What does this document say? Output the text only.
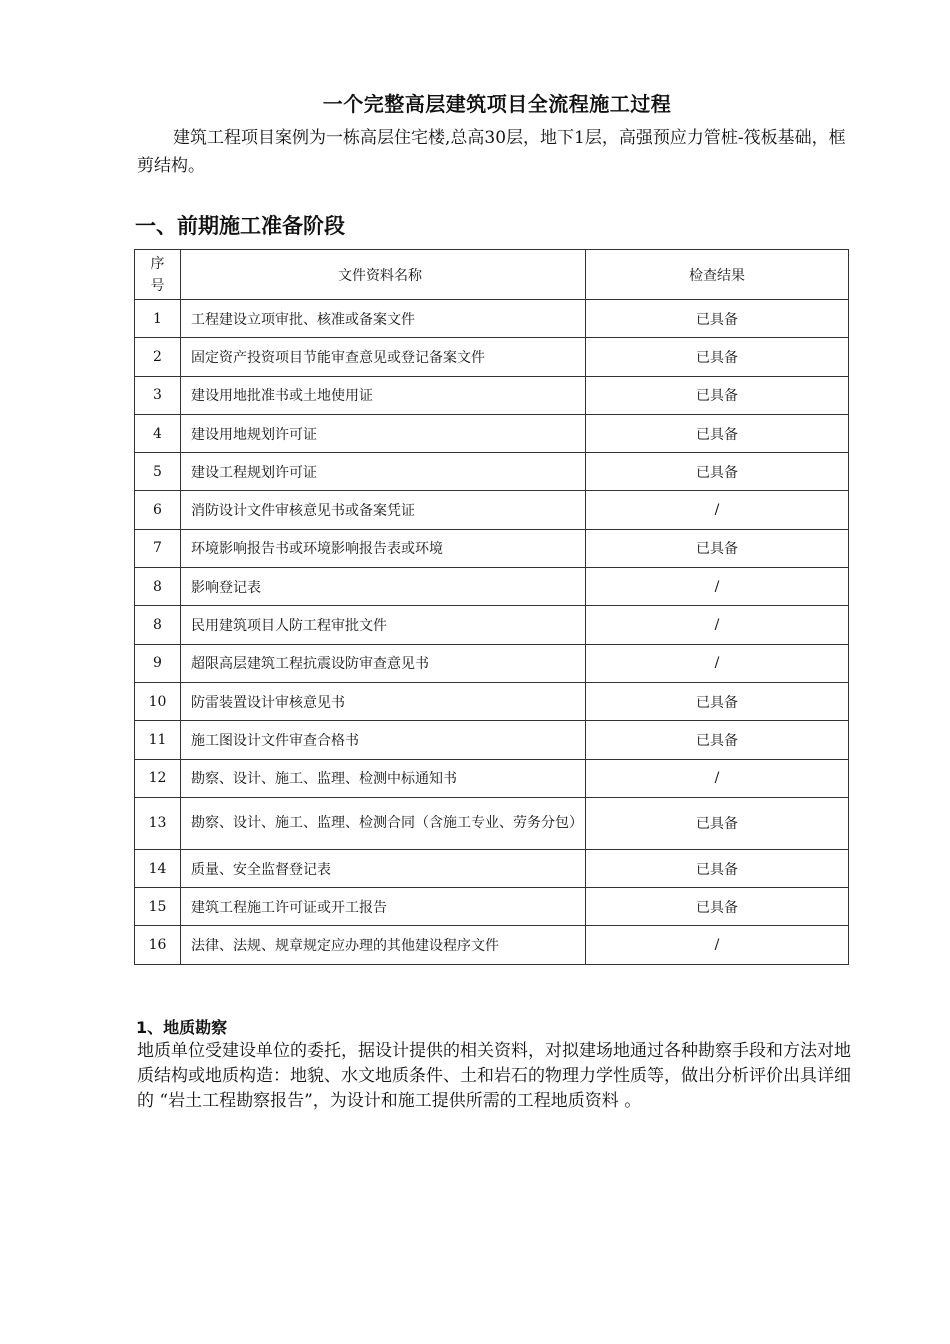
一个完整高层建筑项目全流程施工过程
建筑工程项目案例为一栋高层住宅楼,总高30层，地下1层，高强预应力管桩-筏板基础，框剪结构。
一、前期施工准备阶段
序号	文件资料名称	检查结果
1	工程建设立项审批、核准或备案文件	已具备
2	固定资产投资项目节能审查意见或登记备案文件	已具备
3	建设用地批准书或土地使用证	已具备
4	建设用地规划许可证	已具备
5	建设工程规划许可证	已具备
6	消防设计文件审核意见书或备案凭证	/
7	环境影响报告书或环境影响报告表或环境	已具备
8	影响登记表	/
8	民用建筑项目人防工程审批文件	/
9	超限高层建筑工程抗震设防审查意见书	/
10	防雷装置设计审核意见书	已具备
11	施工图设计文件审查合格书	已具备
12	勘察、设计、施工、监理、检测中标通知书	/
13	勘察、设计、施工、监理、检测合同（含施工专业、劳务分包）	已具备
14	质量、安全监督登记表	已具备
15	建筑工程施工许可证或开工报告	已具备
16	法律、法规、规章规定应办理的其他建设程序文件	/
1、地质勘察
地质单位受建设单位的委托，据设计提供的相关资料，对拟建场地通过各种勘察手段和方法对地质结构或地质构造：地貌、水文地质条件、土和岩石的物理力学性质等，做出分析评价出具详细的 “岩土工程勘察报告”，为设计和施工提供所需的工程地质资料 。
